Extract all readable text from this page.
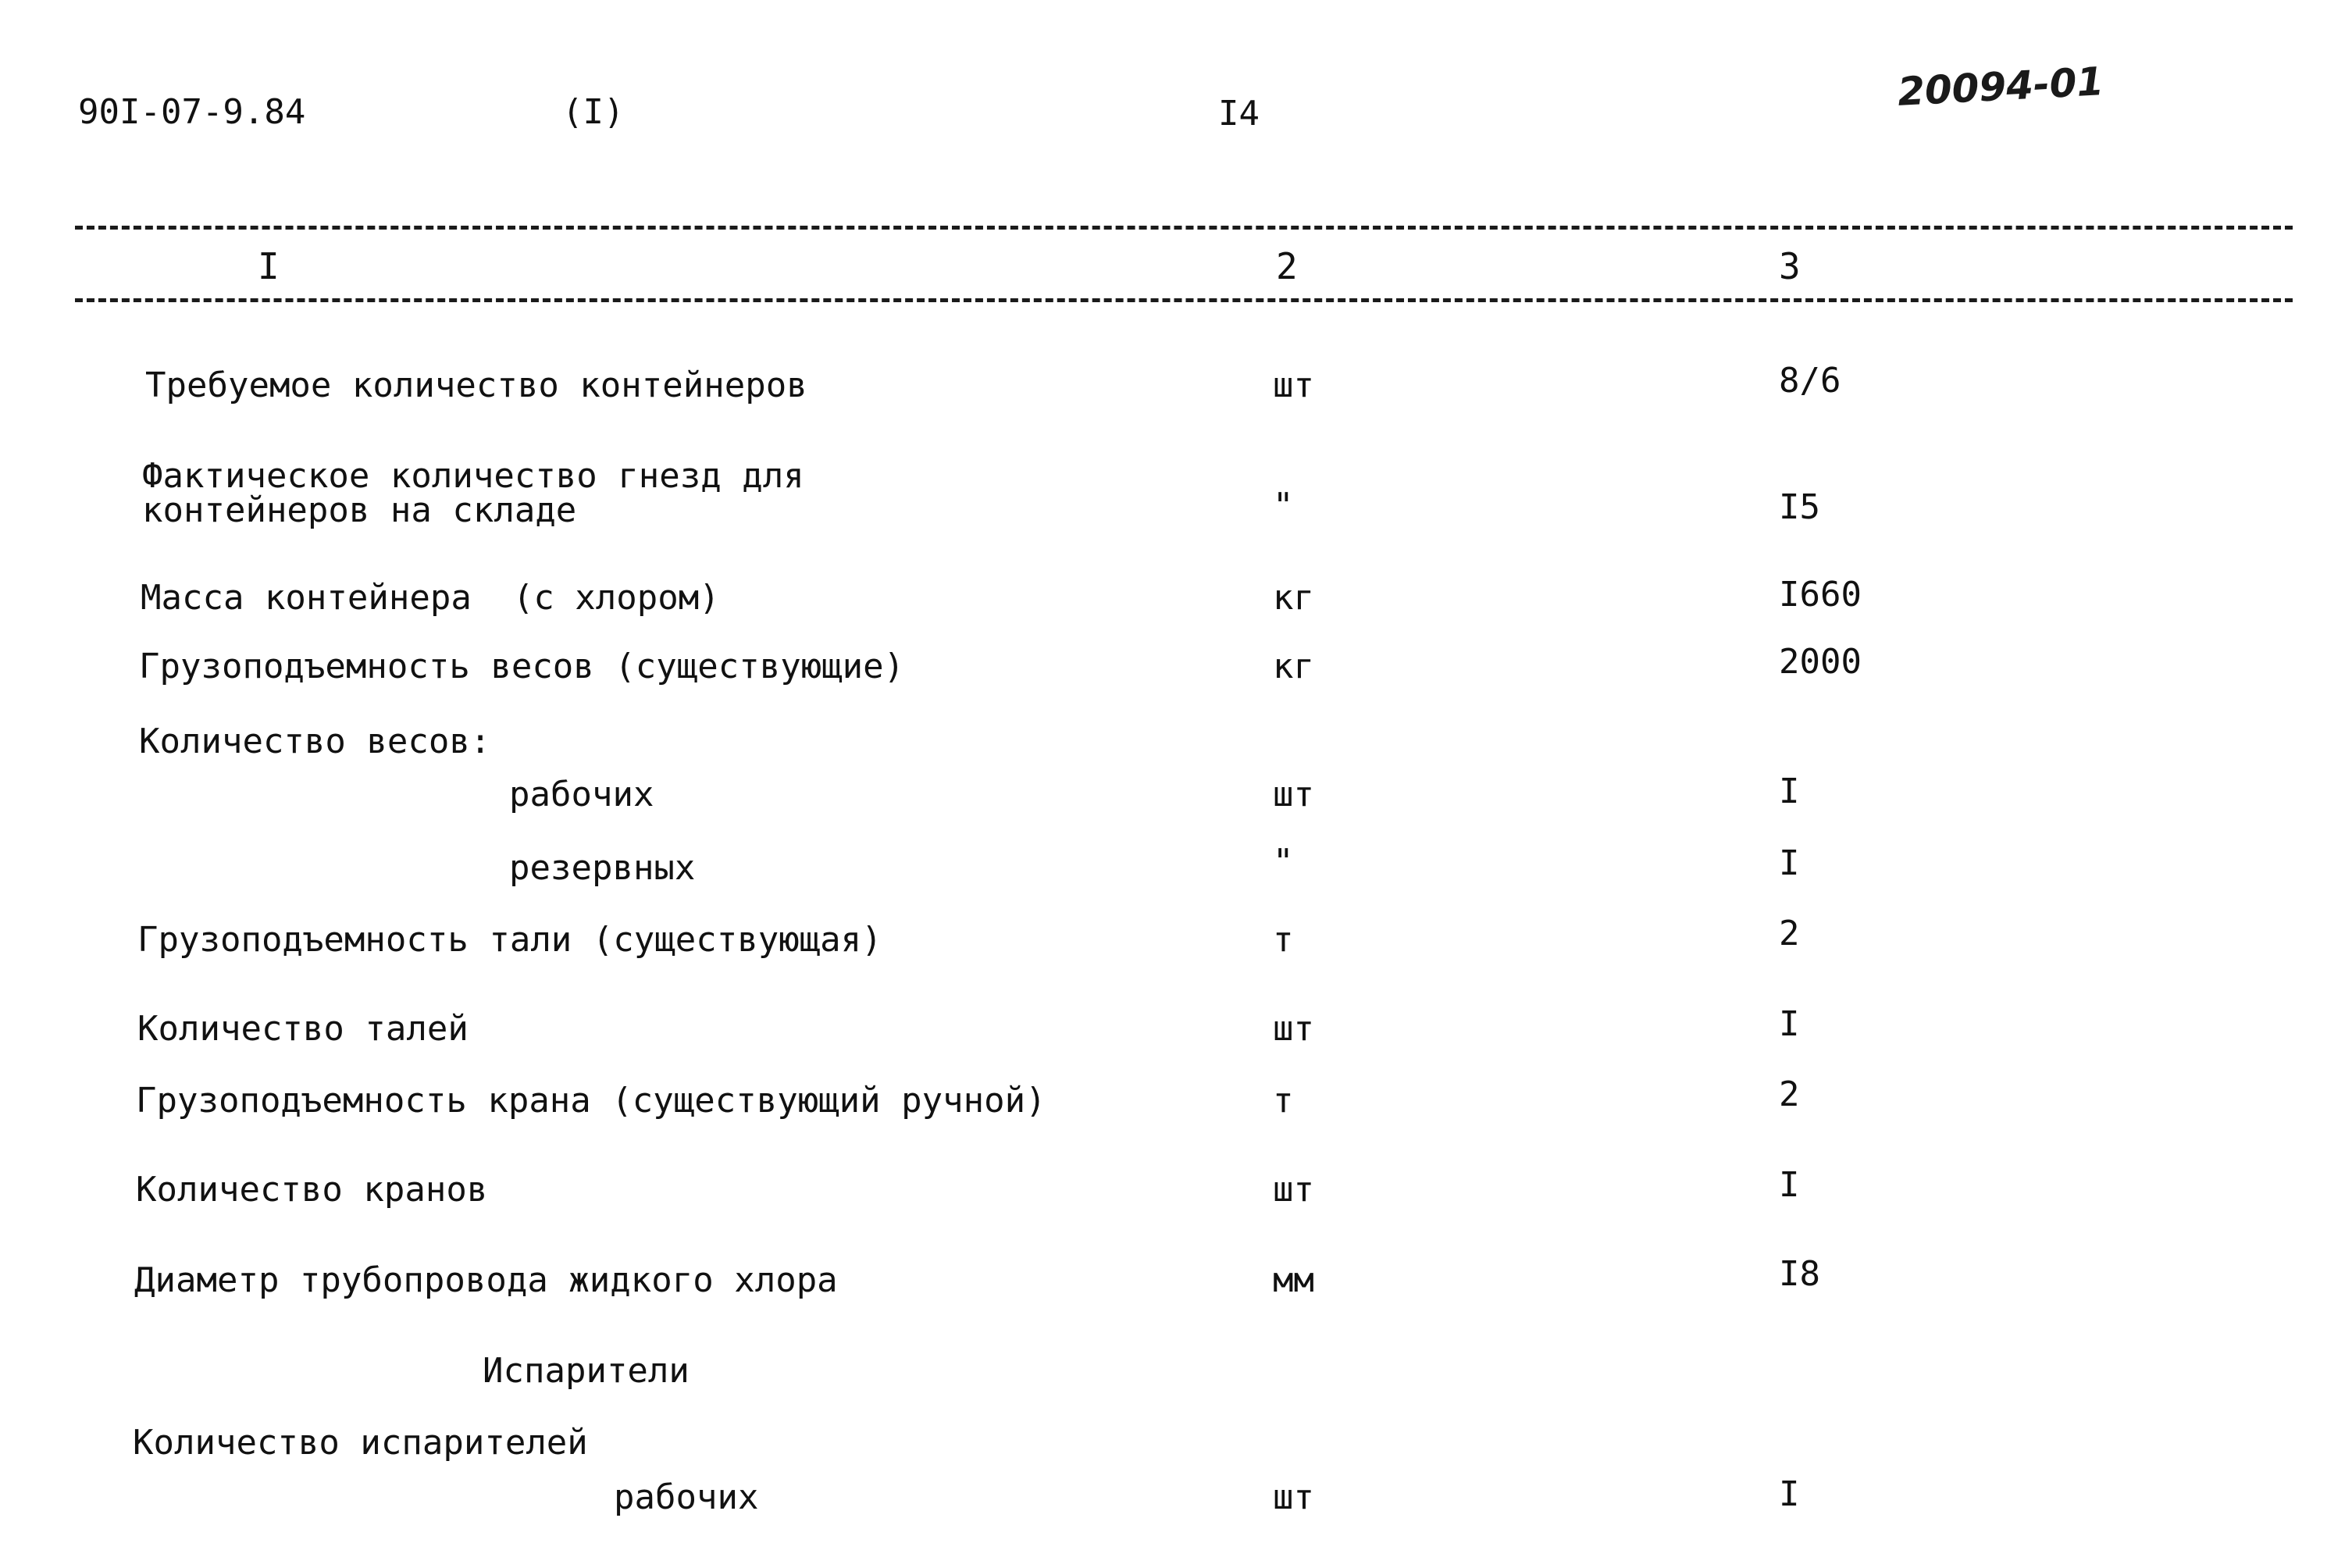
90I-07-9.84	(I)	I4	20094-01
I	2	3
Требуемое количество контейнеров	шт	8/6
Фактическое количество гнезд для
контейнеров на складе	"	I5
Масса контейнера  (с хлором)	кг	I660
Грузоподъемность весов (существующие)	кг	2000
Количество весов:
рабочих	шт	I
резервных	"	I
Грузоподъемность тали (существующая)	т	2
Количество талей	шт	I
Грузоподъемность крана (существующий ручной)	т	2
Количество кранов	шт	I
Диаметр трубопровода жидкого хлора	мм	I8
Испарители
Количество испарителей
рабочих	шт	I
